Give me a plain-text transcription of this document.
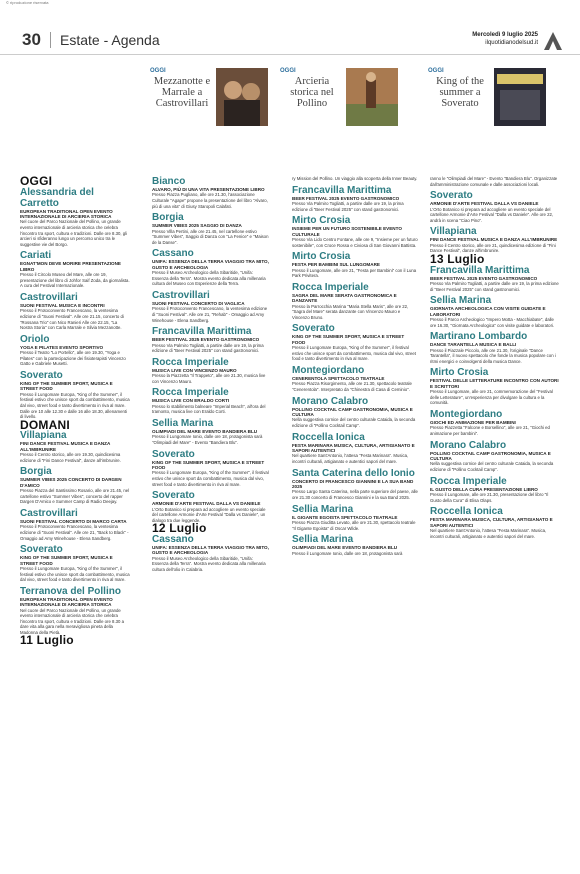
© riproduzione riservata
30 Estate - Agenda	Mercoledì 9 luglio 2025
ilquotidianodelsud.it
OGGI
Mezzanotte e Marrale a Castrovillari
OGGI
Arcieria storica nel Pollino
OGGI
King of the summer a Soverato
OGGI
Alessandria del Carretto
EUROPEAN TRADITIONAL OPEN EVENTO INTERNAZIONALE DI ARCIERIA STORICA

Nel cuore del Parco Nazionale del Pollino, un grande evento internazionale di arcieria storica che celebra l'incontro tra sport, cultura e tradizioni. Dalle ore 8.30, gli arcieri si sfideranno lungo un percorso unico tra le suggestive vie del Borgo.

Cariati
EGNAT'MON DEVE MORIRE PRESENTAZIONE LIBRO

Presso il Circolo Museo del Mare, alle ore 19, presentazione del libro di Johfor Saif Zoda, da giornalista. A cura del Festival Internazionale.

Castrovillari
SUONI FESTIVAL MUSICA E INCONTRI

Presso il Protoconvento Francescano, la ventesima edizione di "Suoni Festival". Alle ore 21.15, concerto di "Rossana Trio" con Nico Ranieri Alle ore 22.15, "La Nostra Storia" con Carla Marrale e Silvia Mezzanotte.

Oriolo
YOGA E PILATES EVENTO SPORTIVO

Presso il Teatro "Lo Portello", alle ore 19.30, "Yoga e Pilates" con la partecipazione dei fisioterapisti Vincenzo Gatto e Gabriele Musetti.

Soverato
KING OF THE SUMMER SPORT, MUSICA E STREET FOOD

Presso il Lungomare Europa, "King of the Summer", il festival estivo che unisce sport da combattimento, musica dal vivo, street food e tanto divertimento in riva al mare. Dalle ore 10 alle 12.30 e dalle 16 alle 18.30, allenamenti di livello.

DOMANI
Villapiana
FINI DANCE FESTIVAL MUSICA E DANZA ALL'IMBRUNIRE

Presso il Centro storico, alle ore 19.30, quindicesima edizione di "Fini Dance Festival", danze all'imbrunire.

Borgia
SUMMER VIBES 2025 CONCERTO DI DARGEN D'AMICO

Presso Piazza del Santissimo Rosario, alle ore 21.45, nel cartellone estivo "Summer Vibes", concerto del rapper Dargen D'Amico e Summer Camp di Radio Deejay.

Castrovillari
SUONI FESTIVAL CONCERTO DI MARCO CARTA

Presso il Protoconvento Francescano, la ventesima edizione di "Suoni Festival". Alle ore 21, "Back to Black" - Omaggio ad Amy Winehouse - Elena Sandberg.

Soverato
KING OF THE SUMMER SPORT, MUSICA E STREET FOOD

Presso il Lungomare Europa, "King of the Summer", il festival estivo che unisce sport da combattimento, musica dal vivo, street food e tanto divertimento in riva al mare.

Terranova del Pollino
EUROPEAN TRADITIONAL OPEN EVENTO INTERNAZIONALE DI ARCIERIA STORICA

Nel cuore del Parco Nazionale del Pollino, un grande evento internazionale di arcieria storica che celebra l'incontro tra sport, cultura e tradizioni. Dalle ore 8.30 a dare vita alla gara nella meravigliosa pineta della Madonna della Pietà.

11 Luglio
Bianco
ALVARO, PIÙ DI UNA VITA PRESENTAZIONE LIBRO

Presso Piazza Pugliano, alle ore 21.30, l'associazione Culturale "Agape" propone la presentazione del libro "Alvaro, più di una vita" di Giusy Staropoli Calafati.

Borgia
SUMMER VIBES 2025 SAGGIO DI DANZA

Presso Villa Pertini, alle ore 21.45, nel cartellone estivo "Summer Vibes", Saggio di Danza con "La Fenice" e "Maison de la Danse".

Cassano
UNIFA: ESSENZA DELLA TERRA VIAGGIO TRA MITO, GUSTO E ARCHEOLOGIA

Presso il Museo Archeologico della Sibaritide, "Unifa: Essenza della Terra". Mostra evento dedicata alla millenaria cultura del Museo con Esperienze della Terra.

Castrovillari
SUONI FESTIVAL CONCERTO DI VAGLICA

Presso il Protoconvento Francescano, la ventesima edizione di "Suoni Festival". Alle ore 21, "Rehab" - Omaggio ad Amy Winehouse - Elena Sandberg.

Francavilla Marittima
BEER FESTIVAL 2025 EVENTO GASTRONOMICO

Presso Via Palmiro Togliatti, a partire dalle ore 19, la prima edizione di "Beer Festival 2025" con stand gastronomici.

Rocca Imperiale
MUSICA LIVE CON VINCENZO MAURO

Presso la Piazzetta "Il Trappeto", alle ore 21.30, musica live con Vincenzo Mauro.

Rocca Imperiale
MUSICA LIVE CON ERALDO CORTI

Presso lo stabilimento balneare "Imperial Beach", all'ora del tramonto, musica live con Eraldo Corti.

Sellia Marina
OLIMPIADI DEL MARE EVENTO BANDIERA BLU

Presso il Lungomare Ionio, dalle ore 18, protagonista sarà "Olimpiadi del Mare" - Evento "Bandiera Blu".

Soverato
KING OF THE SUMMER SPORT, MUSICA E STREET FOOD

Presso il Lungomare Europa, "King of the Summer", il festival estivo che unisce sport da combattimento, musica dal vivo, street food e tanto divertimento in riva al mare.

Soverato
ARMONIE D'ARTE FESTIVAL DALLA VS DANIELE

L'Orto Botanico si prepara ad accogliere un evento speciale del cartellone Armonie d'Arte Festival "Dalla vs Daniele", un dialogo tra due leggende.

12 Luglio
Cassano
UNIFA: ESSENZA DELLA TERRA VIAGGIO TRA MITO, GUSTO E ARCHEOLOGIA

Presso il Museo Archeologico della Sibaritide, "Unifa: Essenza della Terra". Mostra evento dedicata alla millenaria cultura dell'olio in Calabria.

ry Mission del Pollino. Un viaggio alla scoperta della Inner Beauty.

Francavilla Marittima
BEER FESTIVAL 2025 EVENTO GASTRONOMICO

Presso Via Palmiro Togliatti, a partire dalle ore 19, la prima edizione di "Beer Festival 2025" con stand gastronomici.

Mirto Crosia
INSIEME PER UN FUTURO SOSTENIBILE EVENTO CULTURALE

Presso Via Lido Centro Fontane, alle ore 9, "Insieme per un futuro sostenibile", con Croce Rossa e Civiosa di San Giovanni Battista.

Mirto Crosia
FESTA PER BAMBINI SUL LUNGOMARE

Presso il Lungomare, alle ore 21, "Festa per Bambini" con il Luna Park Privitera.

Rocca Imperiale
SAGRA DEL MARE SERATA GASTRONOMICA E DANZANTE

Presso la Parrocchia Marina "Maria Stella Maris", alle ore 22, "Sagra del Mare" serata danzante con Vincenzo Mauro e Vincenzo Bruno.

Soverato
KING OF THE SUMMER SPORT, MUSICA E STREET FOOD

Presso il Lungomare Europa, "King of the Summer", il festival estivo che unisce sport da combattimento, musica dal vivo, street food e tanto divertimento in riva al mare.

Montegiordano
CENERENTOLA SPETTACOLO TEATRALE

Presso Piazza Risorgimento, alle ore 21.30, spettacolo teatrale "Cenerentola". Interpretato da "Chinestra di Casa di Ceminio".

Morano Calabro
POLLINO COCKTAIL CAMP GASTRONOMIA, MUSICA E CULTURA

Nella suggestiva cornice del centro culturale Cataida, la seconda edizione di "Pollino Cocktail Camp".

Roccella Ionica
FESTA MARINARA MUSICA, CULTURA, ARTIGIANATO E SAPORI AUTENTICI

Nel quartiere Sant'Antonio, l'attesa "Festa Marinara". Musica, incontri culturali, artigianato e autentici sapori del mare.

Santa Caterina dello Ionio
CONCERTO DI FRANCESCO GIANNINI E LA SUA BAND 2025

Presso Largo Santa Caterina, nella parte superiore del paese, alle ore 21.30 concerto di Francesco Giannini e la sua Band 2025.

Sellia Marina
IL GIGANTE EGOISTA SPETTACOLO TEATRALE

Presso Piazza Giuditta Levato, alle ore 21.30, spettacolo teatrale "Il Gigante Egoista" di Oscar Wilde.

Sellia Marina
OLIMPIADI DEL MARE EVENTO BANDIERA BLU

Presso il Lungomare Ionio, dalle ore 18, protagonista sarà

ranno le "Olimpiadi del Mare" - Evento "Bandiera Blu". Organizzate dall'amministrazione comunale e dalle associazioni locali.

Soverato
ARMONIE D'ARTE FESTIVAL DALLA VS DANIELE

L'Orto Botanico si prepara ad accogliere un evento speciale del cartellone Armonie d'Arte Festival "Dalla vs Daniele". Alle ore 22, andrà in scena "Ciao Pino".

Villapiana
FINI DANCE FESTIVAL MUSICA E DANZA ALL'IMBRUNIRE

Presso il Centro storico, alle ore 21, quindicesima edizione di "Fini Dance Festival", danze all'imbrunire.

13 Luglio
Francavilla Marittima
BEER FESTIVAL 2025 EVENTO GASTRONOMICO

Presso Via Palmiro Togliatti, a partire dalle ore 19, la prima edizione di "Beer Festival 2025" con stand gastronomici.

Sellia Marina
GIORNATA ARCHEOLOGICA CON VISITE GUIDATE E LABORATORI

Presso il Parco Archeologico "Impero Motta - Macchiabate", dalle ore 16.30, "Giornata Archeologica" con visite guidate e laboratori.

Martirano Lombardo
DANCE TARANTELLA MUSICA E BALLI

Presso il Piazzale Piccolo, alle ore 21.30, l'originale "Dance Tarantella", il nuovo spettacolo che fonde la musica popolare con i ritmi energici e coinvolgenti della musica Dance.

Mirto Crosia
FESTIVAL DELLE LETTERATURE INCONTRO CON AUTORI E SCRITTORI

Presso il Lungomare, alle ore 21, commemorazione del "Festival delle Letterature", un'esperienza per divulgare la cultura e la comunità.

Montegiordano
GIOCHI ED ANIMAZIONE PER BAMBINI

Presso Piazzetta "Falcone e Borsellino", alle ore 21, "Giochi ed animazione per bambini".

Morano Calabro
POLLINO COCKTAIL CAMP GASTRONOMIA, MUSICA E CULTURA

Nella suggestiva cornice del centro culturale Cataida, la seconda edizione di "Pollino Cocktail Camp".

Rocca Imperiale
IL GUSTO DELLA CURA PRESENTAZIONE LIBRO

Presso il Lungomare, alle ore 21.30, presentazione del libro "Il Gusto della Cura" di Elisa Olaps.

Roccella Ionica
FESTA MARINARA MUSICA, CULTURA, ARTIGIANATO E SAPORI AUTENTICI

Nel quartiere Sant'Antonio, l'attesa "Festa Marinara". Musica, incontri culturali, artigianato e autentici sapori del mare.
